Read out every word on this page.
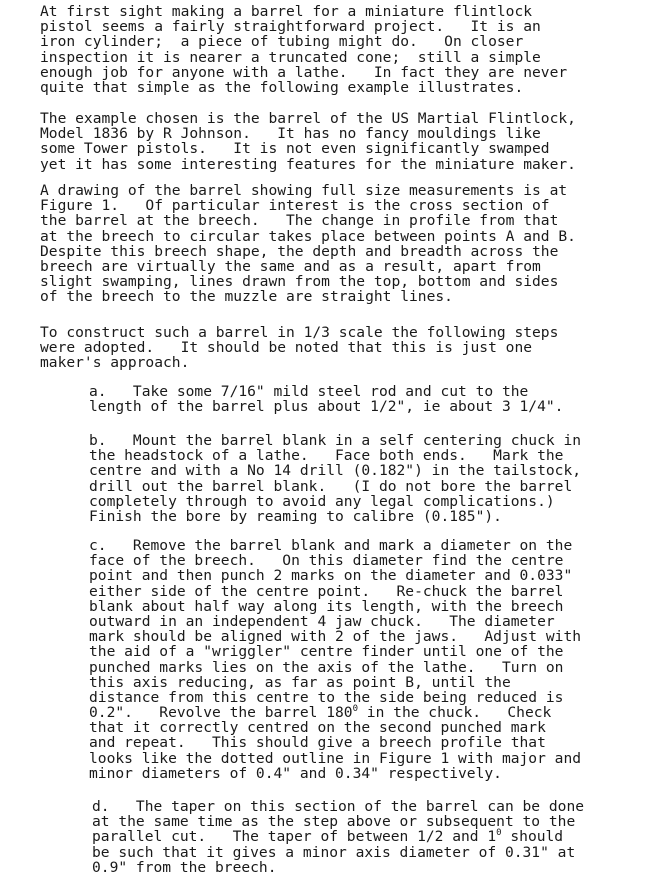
At first sight making a barrel for a miniature flintlock
pistol seems a fairly straightforward project.   It is an
iron cylinder;  a piece of tubing might do.   On closer
inspection it is nearer a truncated cone;  still a simple
enough job for anyone with a lathe.   In fact they are never
quite that simple as the following example illustrates.
The example chosen is the barrel of the US Martial Flintlock,
Model 1836 by R Johnson.   It has no fancy mouldings like
some Tower pistols.   It is not even significantly swamped
yet it has some interesting features for the miniature maker.
A drawing of the barrel showing full size measurements is at
Figure 1.   Of particular interest is the cross section of
the barrel at the breech.   The change in profile from that
at the breech to circular takes place between points A and B.
Despite this breech shape, the depth and breadth across the
breech are virtually the same and as a result, apart from
slight swamping, lines drawn from the top, bottom and sides
of the breech to the muzzle are straight lines.
To construct such a barrel in 1/3 scale the following steps
were adopted.   It should be noted that this is just one
maker's approach.
a.   Take some 7/16" mild steel rod and cut to the
length of the barrel plus about 1/2", ie about 3 1/4".
b.   Mount the barrel blank in a self centering chuck in
the headstock of a lathe.   Face both ends.   Mark the
centre and with a No 14 drill (0.182") in the tailstock,
drill out the barrel blank.   (I do not bore the barrel
completely through to avoid any legal complications.)
Finish the bore by reaming to calibre (0.185").
c.   Remove the barrel blank and mark a diameter on the
face of the breech.   On this diameter find the centre
point and then punch 2 marks on the diameter and 0.033"
either side of the centre point.   Re-chuck the barrel
blank about half way along its length, with the breech
outward in an independent 4 jaw chuck.   The diameter
mark should be aligned with 2 of the jaws.   Adjust with
the aid of a "wriggler" centre finder until one of the
punched marks lies on the axis of the lathe.   Turn on
this axis reducing, as far as point B, until the
distance from this centre to the side being reduced is
0.2".   Revolve the barrel $180^0$ in the chuck.   Check
that it correctly centred on the second punched mark
and repeat.   This should give a breech profile that
looks like the dotted outline in Figure 1 with major and
minor diameters of 0.4" and 0.34" respectively.
d.   The taper on this section of the barrel can be done
at the same time as the step above or subsequent to the
parallel cut.   The taper of between 1/2 and $1^0$ should
be such that it gives a minor axis diameter of 0.31" at
0.9" from the breech.
